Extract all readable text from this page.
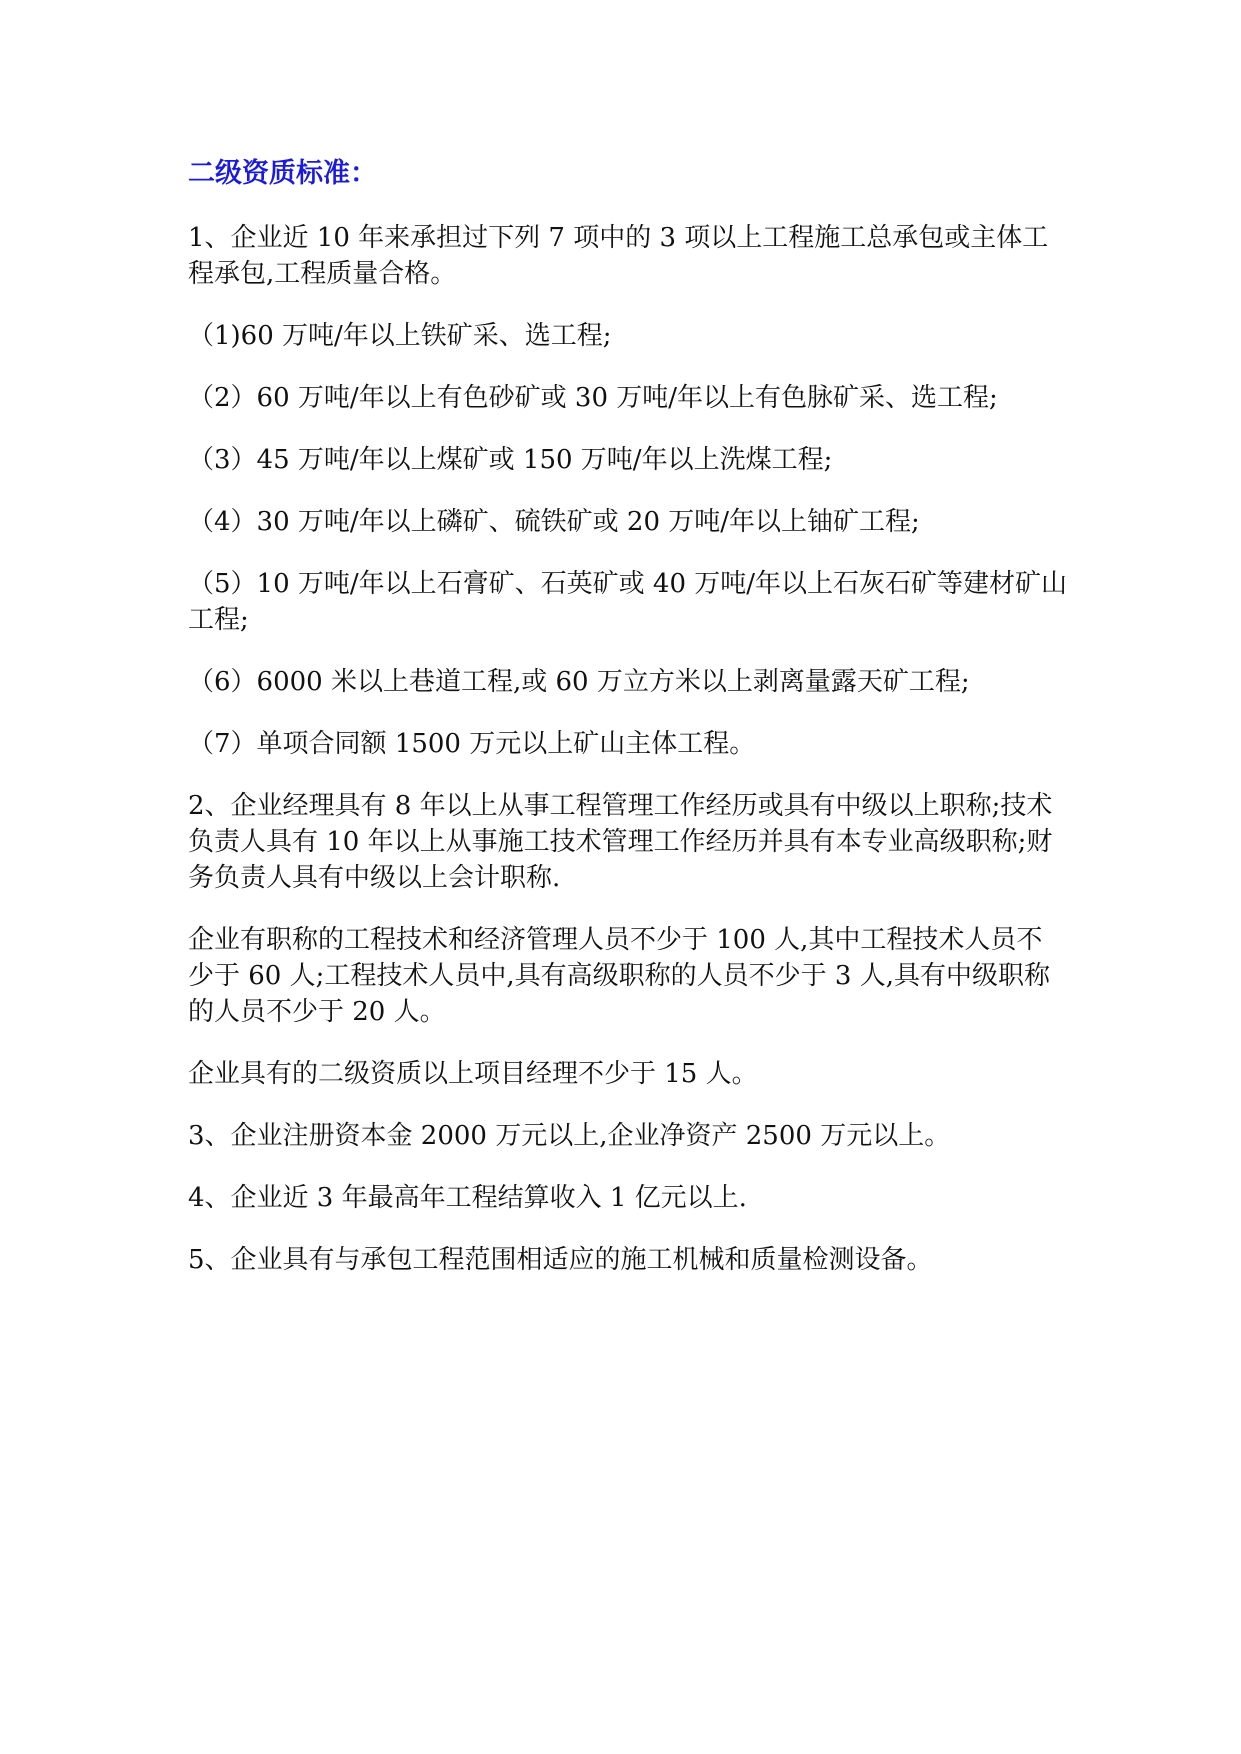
二级资质标准：

1、企业近 10 年来承担过下列 7 项中的 3 项以上工程施工总承包或主体工程承包,工程质量合格。

（1)60 万吨/年以上铁矿采、选工程;

（2）60 万吨/年以上有色砂矿或 30 万吨/年以上有色脉矿采、选工程;

（3）45 万吨/年以上煤矿或 150 万吨/年以上洗煤工程;

（4）30 万吨/年以上磷矿、硫铁矿或 20 万吨/年以上铀矿工程;

（5）10 万吨/年以上石膏矿、石英矿或 40 万吨/年以上石灰石矿等建材矿山工程;

（6）6000 米以上巷道工程,或 60 万立方米以上剥离量露天矿工程;

（7）单项合同额 1500 万元以上矿山主体工程。

2、企业经理具有 8 年以上从事工程管理工作经历或具有中级以上职称;技术负责人具有 10 年以上从事施工技术管理工作经历并具有本专业高级职称;财务负责人具有中级以上会计职称.

企业有职称的工程技术和经济管理人员不少于 100 人,其中工程技术人员不少于 60 人;工程技术人员中,具有高级职称的人员不少于 3 人,具有中级职称的人员不少于 20 人。

企业具有的二级资质以上项目经理不少于 15 人。

3、企业注册资本金 2000 万元以上,企业净资产 2500 万元以上。

4、企业近 3 年最高年工程结算收入 1 亿元以上.

5、企业具有与承包工程范围相适应的施工机械和质量检测设备。
